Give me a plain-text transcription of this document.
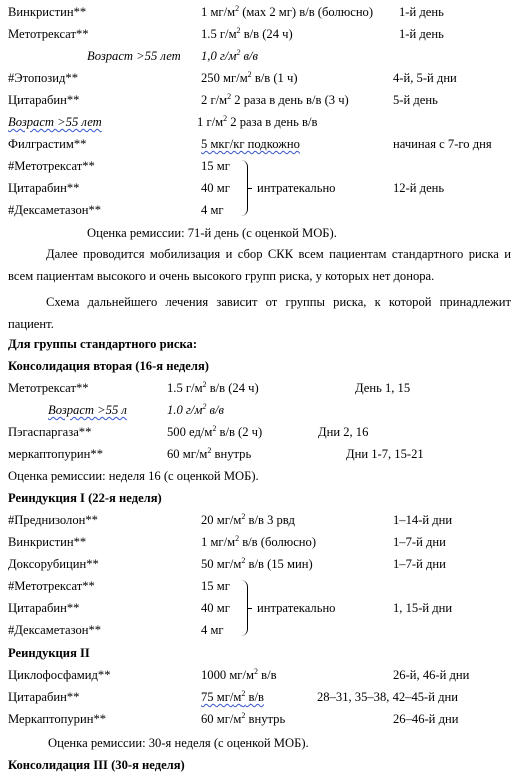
Винкристин**	1 $мг/м^2$ (мах 2 мг) в/в (болюсно) 1-й день
Метотрексат**	1.5 $г/м^2$ в/в (24 ч)	1-й день
Возраст >55 лет 1,0 $г/м^2$ в/в
#Этопозид**	250 $мг/м^2$ в/в (1 ч)	4-й, 5-й дни
Цитарабин**	2 $г/м^2$ 2 раза в день в/в (3 ч)	5-й день
Возраст >55 лет	1 $г/м^2$ 2 раза в день в/в
Филграстим**	5 мкг/кг подкожно	начиная с 7-го дня
#Метотрексат**	15 мг
Цитарабин**	40 мг
#Дексаметазон**	4 мг
интратекально	12-й день
Оценка ремиссии: 71-й день (с оценкой МОБ).
Далее проводится мобилизация и сбор СКК всем пациентам стандартного риска и всем пациентам высокого и очень высокого групп риска, у которых нет донора.
Схема дальнейшего лечения зависит от группы риска, к которой принадлежит пациент.
Для группы стандартного риска:
Консолидация вторая (16-я неделя)
Метотрексат**	1.5 $г/м^2$ в/в (24 ч)	День 1, 15
Возраст >55 л	1.0 $г/м^2$ в/в
Пэгаспаргаза**	500 $ед/м^2$ в/в (2 ч)	Дни 2, 16
меркаптопурин**	60 $мг/м^2$ внутрь	Дни 1-7, 15-21
Оценка ремиссии: неделя 16 (с оценкой МОБ).
Реиндукция I (22-я неделя)
#Преднизолон**	20 $мг/м^2$ в/в 3 рвд	1–14-й дни
Винкристин**	1 $мг/м^2$ в/в (болюсно)	1–7-й дни
Доксорубицин**	50 $мг/м^2$ в/в (15 мин)	1–7-й дни
#Метотрексат**	15 мг
Цитарабин**	40 мг
#Дексаметазон**	4 мг
интратекально	1, 15-й дни
Реиндукция II
Циклофосфамид**	1000 $мг/м^2$ в/в	26-й, 46-й дни
Цитарабин**	75 $мг/м^2$ в/в	28–31, 35–38, 42–45-й дни
Меркаптопурин**	60 $мг/м^2$ внутрь	26–46-й дни
Оценка ремиссии: 30-я неделя (с оценкой МОБ).
Консолидация III (30-я неделя)
